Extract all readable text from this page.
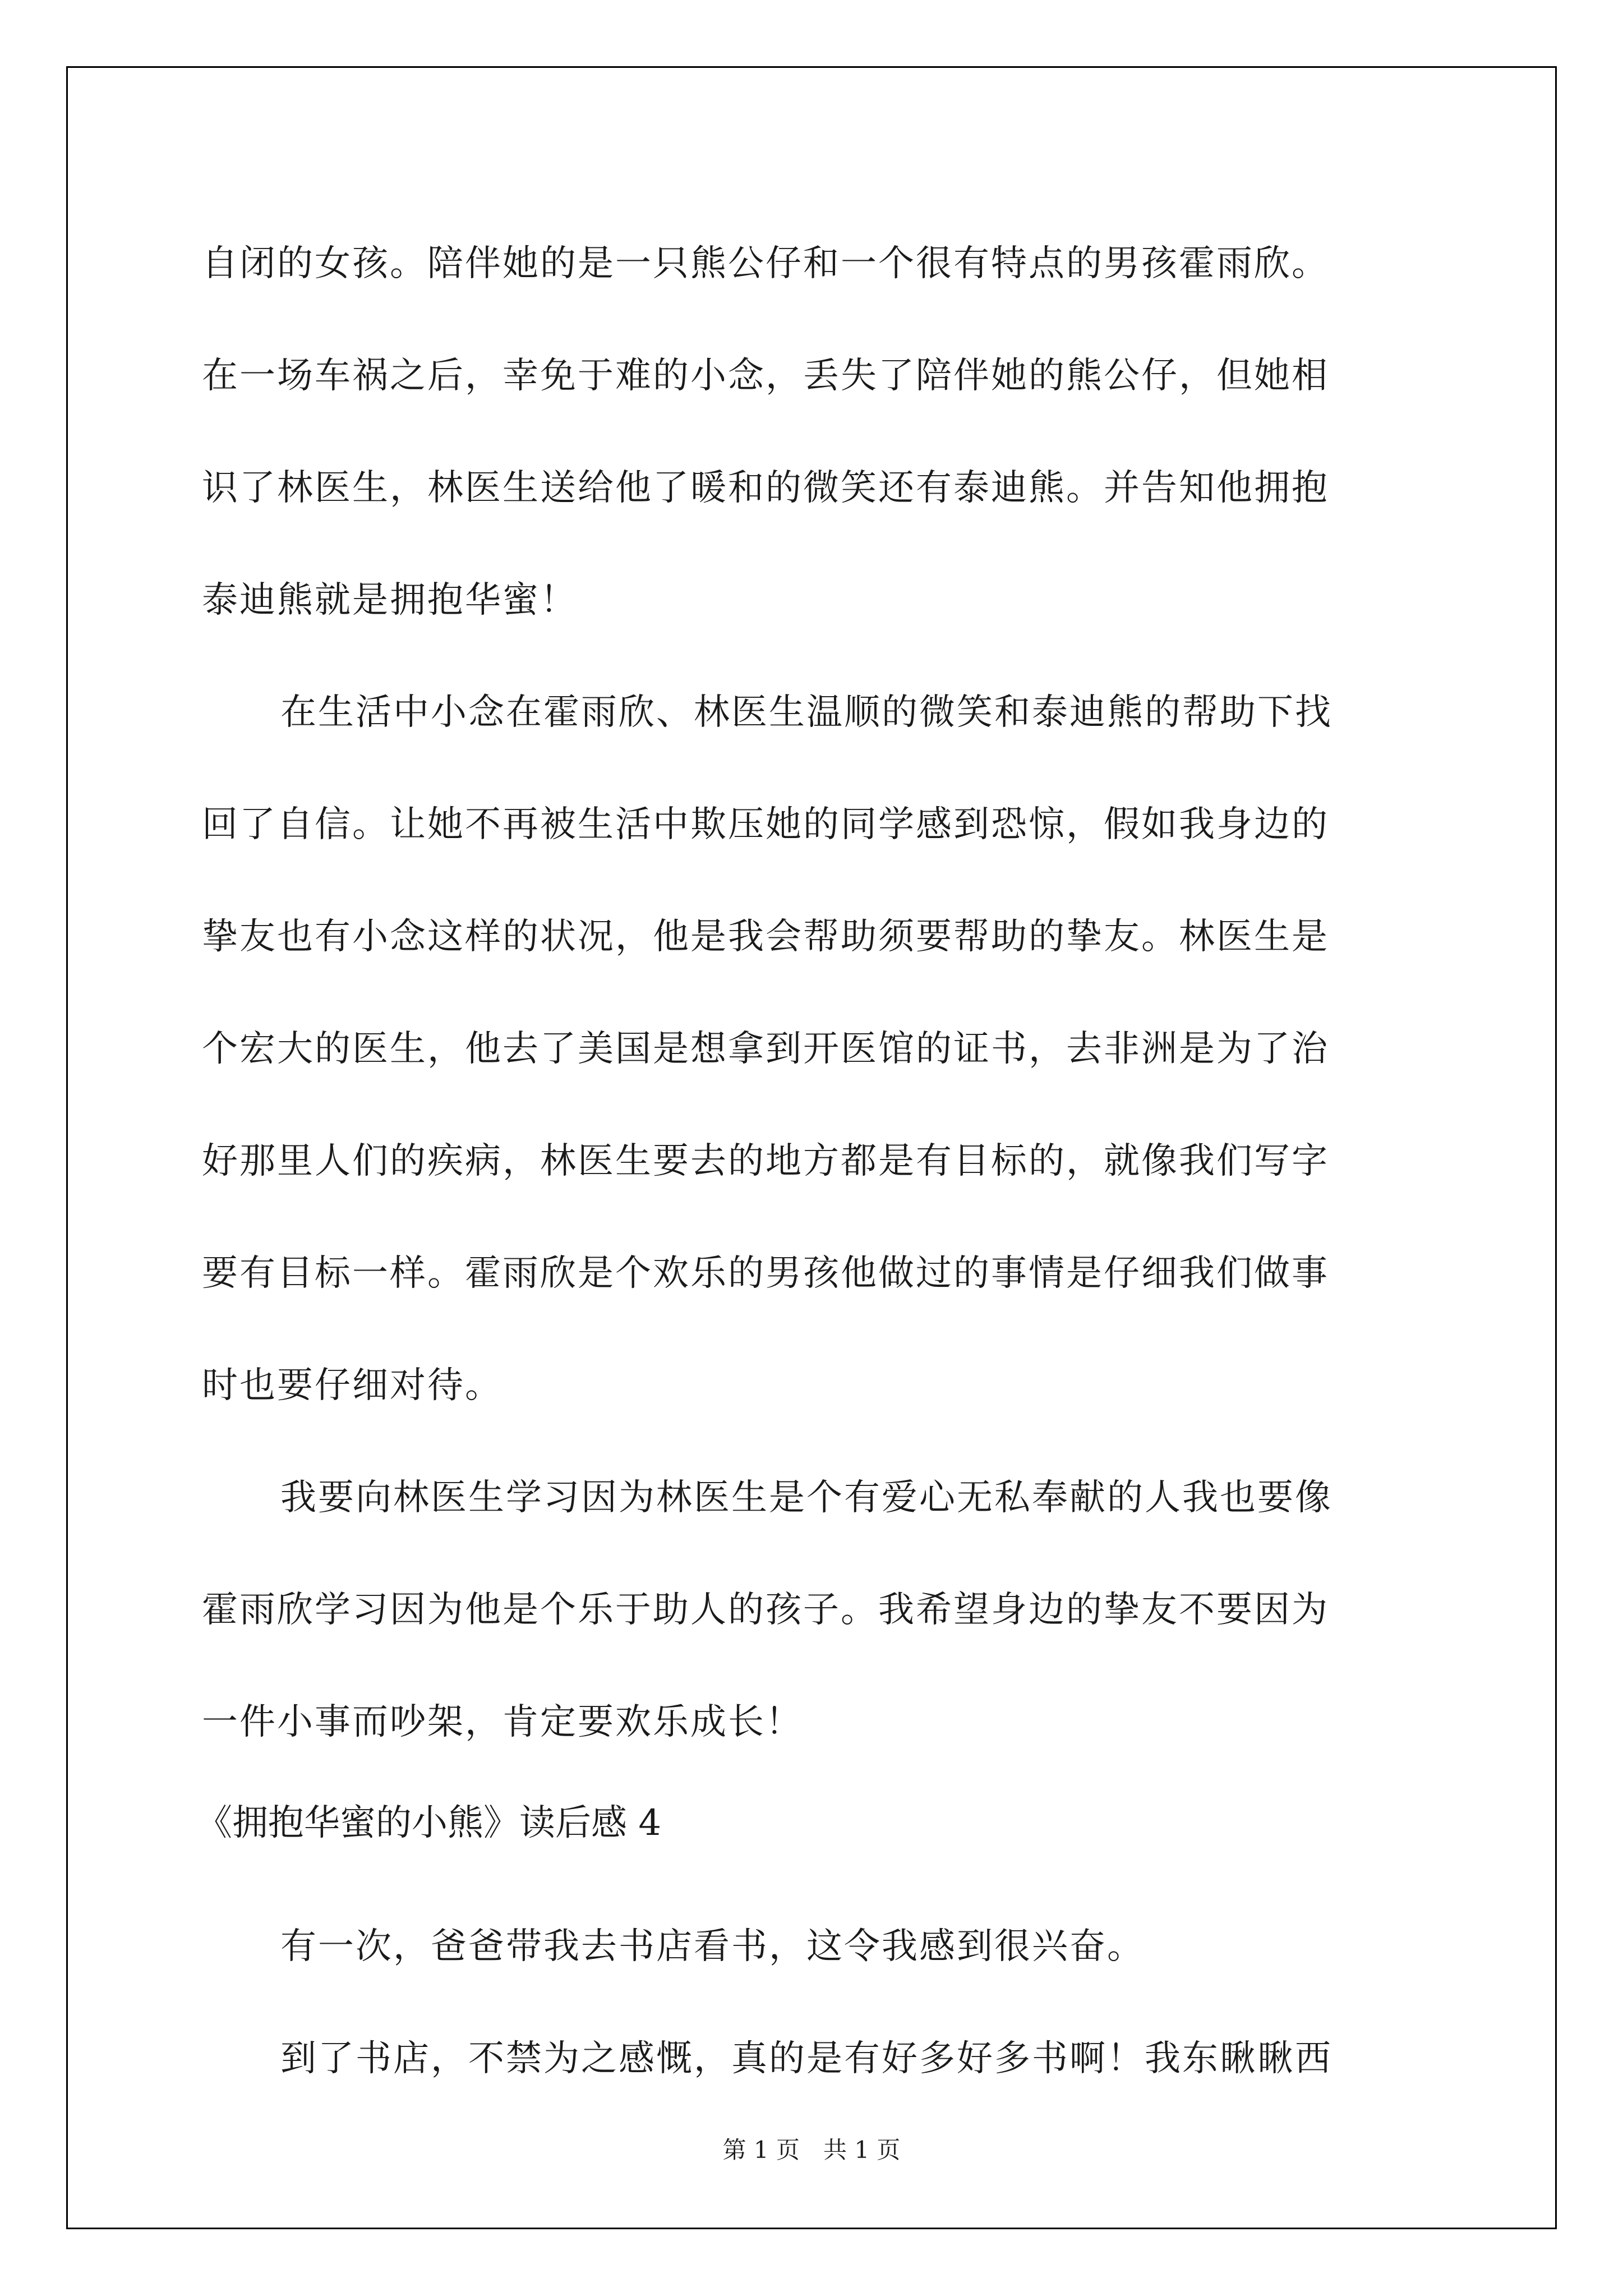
自闭的女孩。陪伴她的是一只熊公仔和一个很有特点的男孩霍雨欣。
在一场车祸之后，幸免于难的小念，丢失了陪伴她的熊公仔，但她相
识了林医生，林医生送给他了暖和的微笑还有泰迪熊。并告知他拥抱
泰迪熊就是拥抱华蜜！
在生活中小念在霍雨欣、林医生温顺的微笑和泰迪熊的帮助下找
回了自信。让她不再被生活中欺压她的同学感到恐惊，假如我身边的
挚友也有小念这样的状况，他是我会帮助须要帮助的挚友。林医生是
个宏大的医生，他去了美国是想拿到开医馆的证书，去非洲是为了治
好那里人们的疾病，林医生要去的地方都是有目标的，就像我们写字
要有目标一样。霍雨欣是个欢乐的男孩他做过的事情是仔细我们做事
时也要仔细对待。
我要向林医生学习因为林医生是个有爱心无私奉献的人我也要像
霍雨欣学习因为他是个乐于助人的孩子。我希望身边的挚友不要因为
一件小事而吵架，肯定要欢乐成长！
《拥抱华蜜的小熊》读后感 4
有一次，爸爸带我去书店看书，这令我感到很兴奋。
到了书店，不禁为之感慨，真的是有好多好多书啊！我东瞅瞅西
第 1 页　共 1 页
